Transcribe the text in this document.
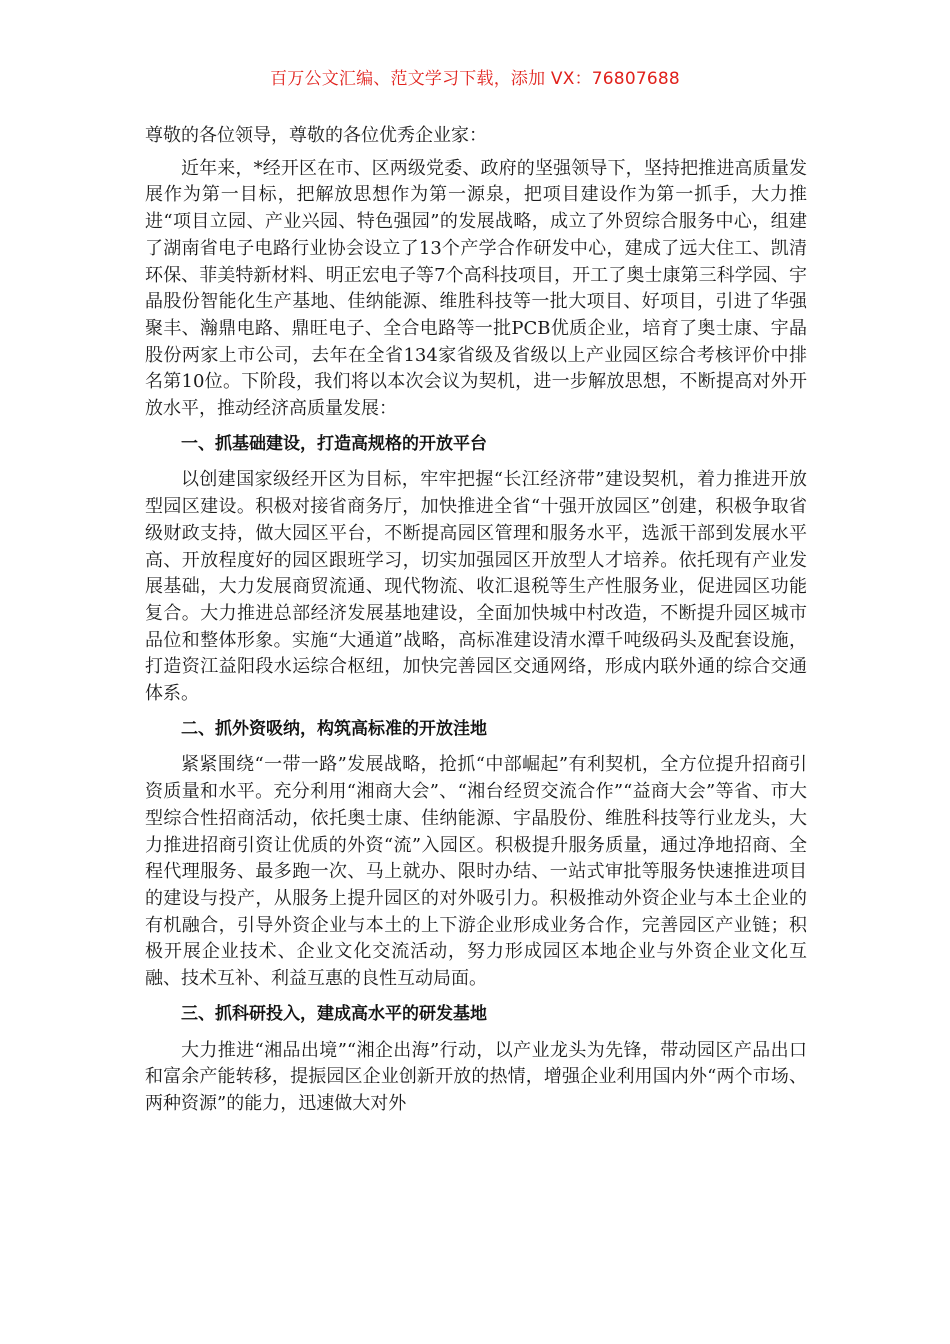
百万公文汇编、范文学习下载，添加 VX：76807688

尊敬的各位领导，尊敬的各位优秀企业家：

近年来，*经开区在市、区两级党委、政府的坚强领导下，坚持把推进高质量发展作为第一目标，把解放思想作为第一源泉，把项目建设作为第一抓手，大力推进“项目立园、产业兴园、特色强园”的发展战略，成立了外贸综合服务中心，组建了湖南省电子电路行业协会设立了13个产学合作研发中心，建成了远大住工、凯清环保、菲美特新材料、明正宏电子等7个高科技项目，开工了奥士康第三科学园、宇晶股份智能化生产基地、佳纳能源、维胜科技等一批大项目、好项目，引进了华强聚丰、瀚鼎电路、鼎旺电子、全合电路等一批PCB优质企业，培育了奥士康、宇晶股份两家上市公司，去年在全省134家省级及省级以上产业园区综合考核评价中排名第10位。下阶段，我们将以本次会议为契机，进一步解放思想，不断提高对外开放水平，推动经济高质量发展：

一、抓基础建设，打造高规格的开放平台

以创建国家级经开区为目标，牢牢把握“长江经济带”建设契机，着力推进开放型园区建设。积极对接省商务厅，加快推进全省“十强开放园区”创建，积极争取省级财政支持，做大园区平台，不断提高园区管理和服务水平，选派干部到发展水平高、开放程度好的园区跟班学习，切实加强园区开放型人才培养。依托现有产业发展基础，大力发展商贸流通、现代物流、收汇退税等生产性服务业，促进园区功能复合。大力推进总部经济发展基地建设，全面加快城中村改造，不断提升园区城市品位和整体形象。实施“大通道”战略，高标准建设清水潭千吨级码头及配套设施，打造资江益阳段水运综合枢纽，加快完善园区交通网络，形成内联外通的综合交通体系。

二、抓外资吸纳，构筑高标准的开放洼地

紧紧围绕“一带一路”发展战略，抢抓“中部崛起”有利契机，全方位提升招商引资质量和水平。充分利用“湘商大会”、“湘台经贸交流合作”“益商大会”等省、市大型综合性招商活动，依托奥士康、佳纳能源、宇晶股份、维胜科技等行业龙头，大力推进招商引资让优质的外资“流”入园区。积极提升服务质量，通过净地招商、全程代理服务、最多跑一次、马上就办、限时办结、一站式审批等服务快速推进项目的建设与投产，从服务上提升园区的对外吸引力。积极推动外资企业与本土企业的有机融合，引导外资企业与本土的上下游企业形成业务合作，完善园区产业链；积极开展企业技术、企业文化交流活动，努力形成园区本地企业与外资企业文化互融、技术互补、利益互惠的良性互动局面。

三、抓科研投入，建成高水平的研发基地

大力推进“湘品出境”“湘企出海”行动，以产业龙头为先锋，带动园区产品出口和富余产能转移，提振园区企业创新开放的热情，增强企业利用国内外“两个市场、两种资源”的能力，迅速做大对外
